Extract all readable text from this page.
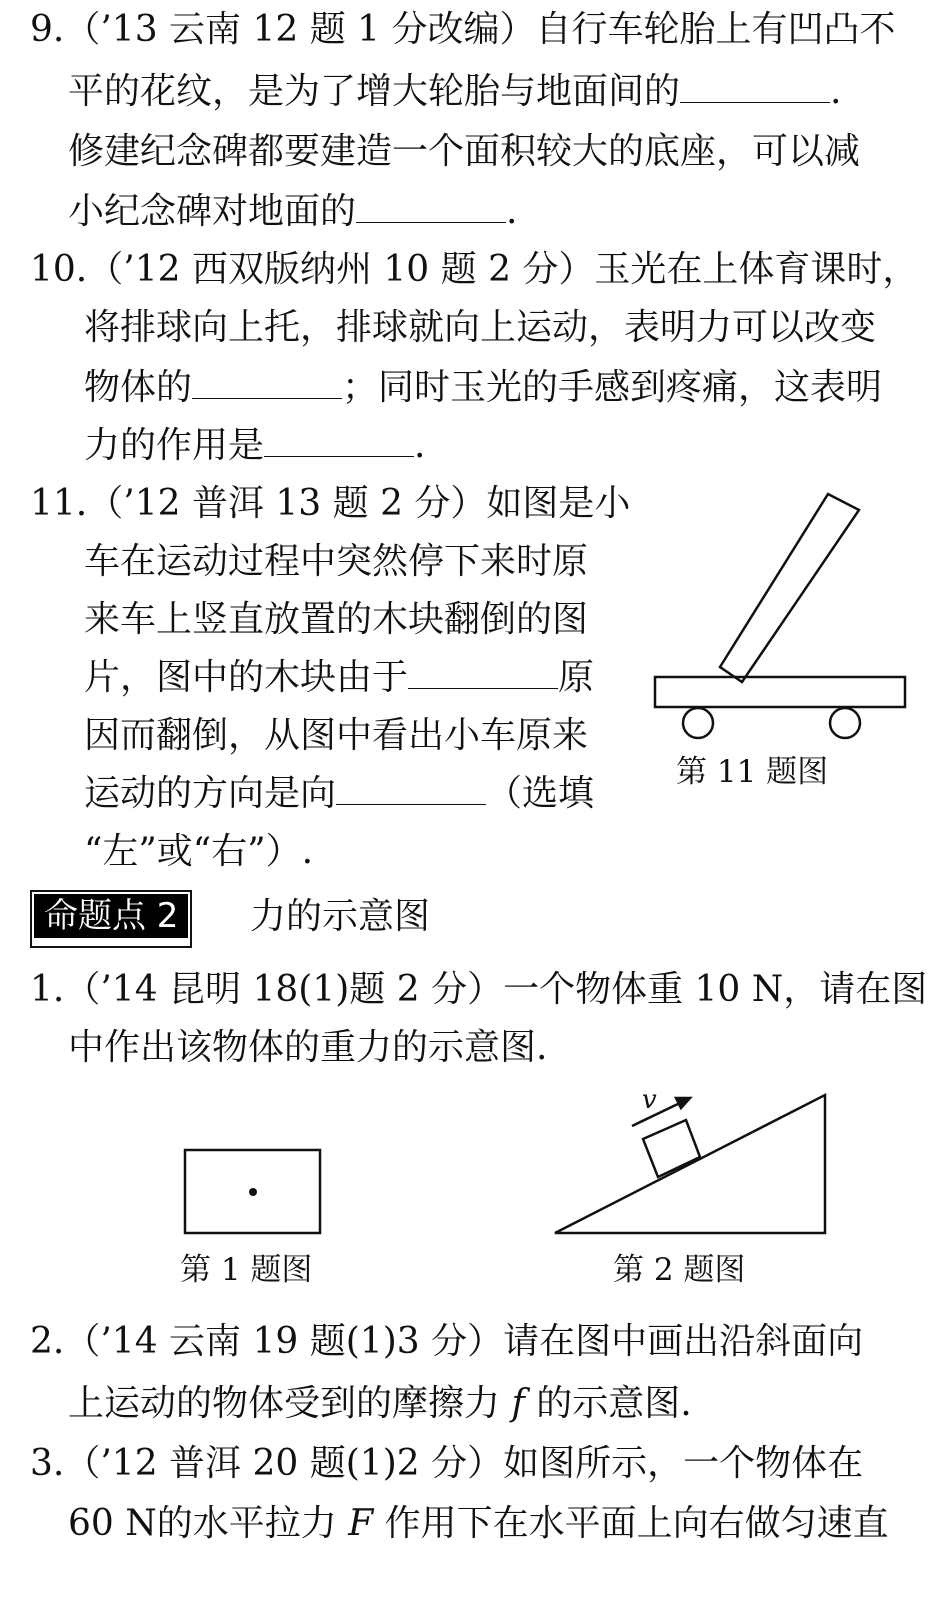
9.（’13 云南 12 题 1 分改编）自行车轮胎上有凹凸不
平的花纹，是为了增大轮胎与地面间的	.
修建纪念碑都要建造一个面积较大的底座，可以减
小纪念碑对地面的	.
10.（’12 西双版纳州 10 题 2 分）玉光在上体育课时，
将排球向上托，排球就向上运动，表明力可以改变
物体的	；同时玉光的手感到疼痛，这表明
力的作用是	.
11.（’12 普洱 13 题 2 分）如图是小
车在运动过程中突然停下来时原
来车上竖直放置的木块翻倒的图
片，图中的木块由于	原
因而翻倒，从图中看出小车原来
运动的方向是向	（选填
“左”或“右”）.
第 11 题图
命题点 2 力的示意图
1.（’14 昆明 18(1)题 2 分）一个物体重 10 N，请在图
中作出该物体的重力的示意图.
第 1 题图
v
第 2 题图
2.（’14 云南 19 题(1)3 分）请在图中画出沿斜面向
上运动的物体受到的摩擦力 f 的示意图.
3.（’12 普洱 20 题(1)2 分）如图所示，一个物体在
60 N的水平拉力 F 作用下在水平面上向右做匀速直
